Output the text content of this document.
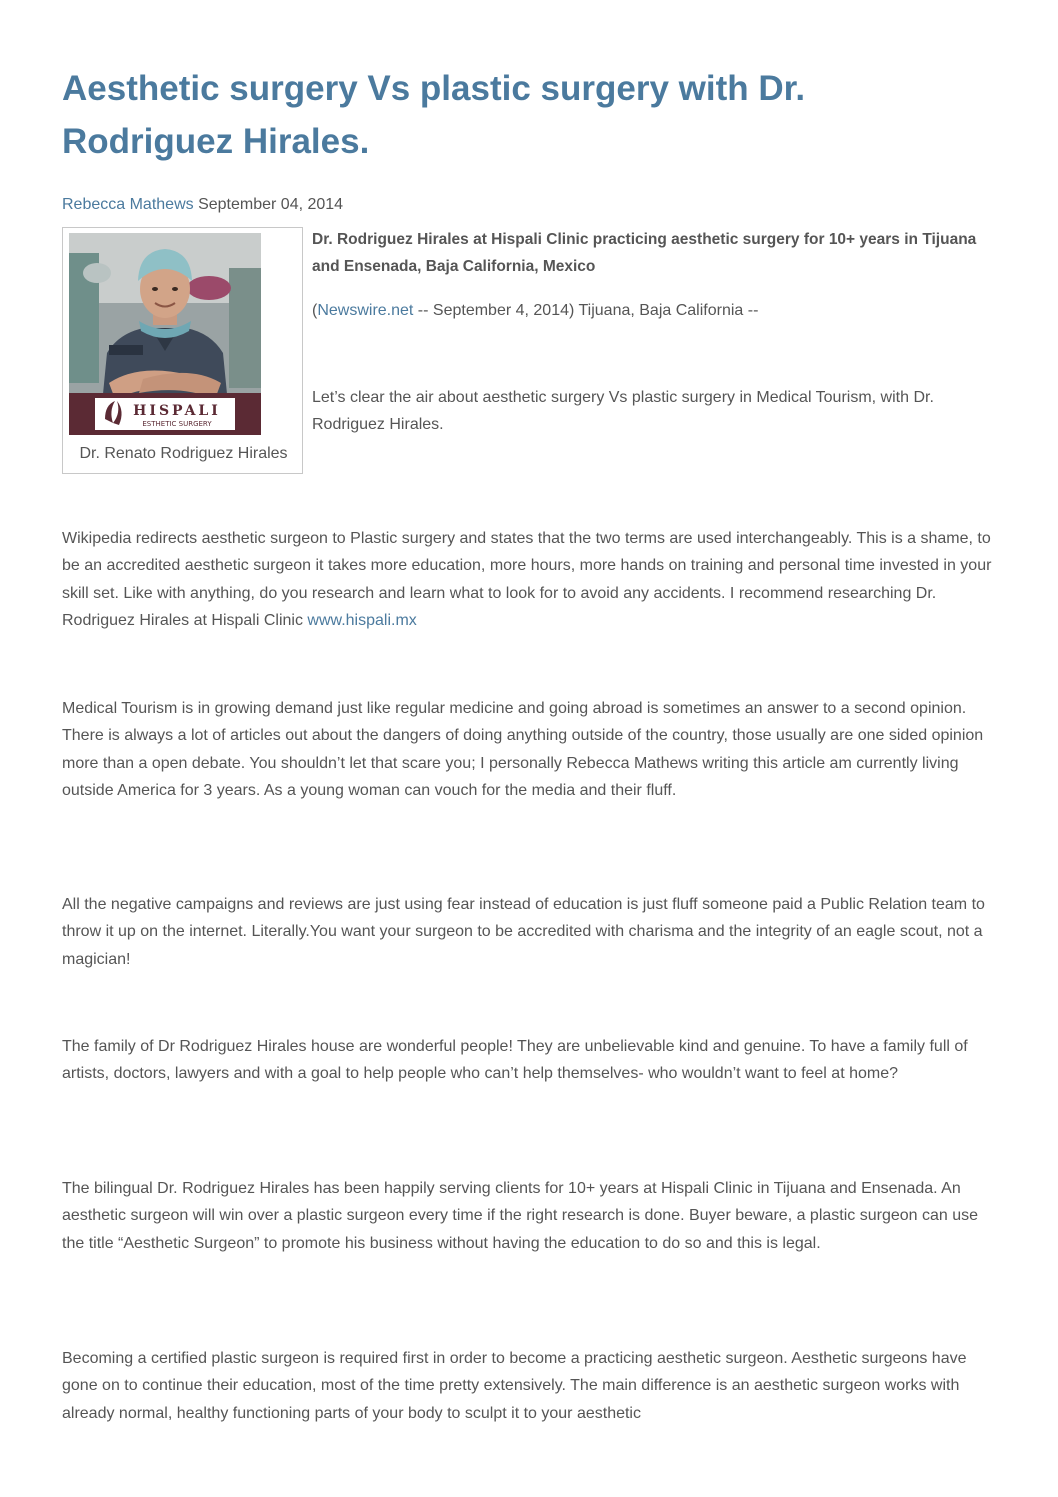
Aesthetic surgery Vs plastic surgery with Dr. Rodriguez Hirales.
Rebecca Mathews September 04, 2014
HISPALI
ESTHETIC SURGERY
Dr. Renato Rodriguez Hirales

Dr. Rodriguez Hirales at Hispali Clinic practicing aesthetic surgery for 10+ years in Tijuana and Ensenada, Baja California, Mexico

(Newswire.net -- September 4, 2014) Tijuana, Baja California --

Let’s clear the air about aesthetic surgery Vs plastic surgery in Medical Tourism, with Dr. Rodriguez Hirales.

Wikipedia redirects aesthetic surgeon to Plastic surgery and states that the two terms are used interchangeably. This is a shame, to be an accredited aesthetic surgeon it takes more education, more hours, more hands on training and personal time invested in your skill set. Like with anything, do you research and learn what to look for to avoid any accidents. I recommend researching Dr. Rodriguez Hirales at Hispali Clinic www.hispali.mx

Medical Tourism is in growing demand just like regular medicine and going abroad is sometimes an answer to a second opinion. There is always a lot of articles out about the dangers of doing anything outside of the country, those usually are one sided opinion more than a open debate. You shouldn’t let that scare you; I personally Rebecca Mathews writing this article am currently living outside America for 3 years. As a young woman can vouch for the media and their fluff.

All the negative campaigns and reviews are just using fear instead of education is just fluff someone paid a Public Relation team to throw it up on the internet. Literally.You want your surgeon to be accredited with charisma and the integrity of an eagle scout, not a magician!

The family of Dr Rodriguez Hirales house are wonderful people! They are unbelievable kind and genuine. To have a family full of artists, doctors, lawyers and with a goal to help people who can’t help themselves- who wouldn’t want to feel at home?

The bilingual Dr. Rodriguez Hirales has been happily serving clients for 10+ years at Hispali Clinic in Tijuana and Ensenada. An aesthetic surgeon will win over a plastic surgeon every time if the right research is done. Buyer beware, a plastic surgeon can use the title “Aesthetic Surgeon” to promote his business without having the education to do so and this is legal.

Becoming a certified plastic surgeon is required first in order to become a practicing aesthetic surgeon. Aesthetic surgeons have gone on to continue their education, most of the time pretty extensively. The main difference is an aesthetic surgeon works with already normal, healthy functioning parts of your body to sculpt it to your aesthetic
